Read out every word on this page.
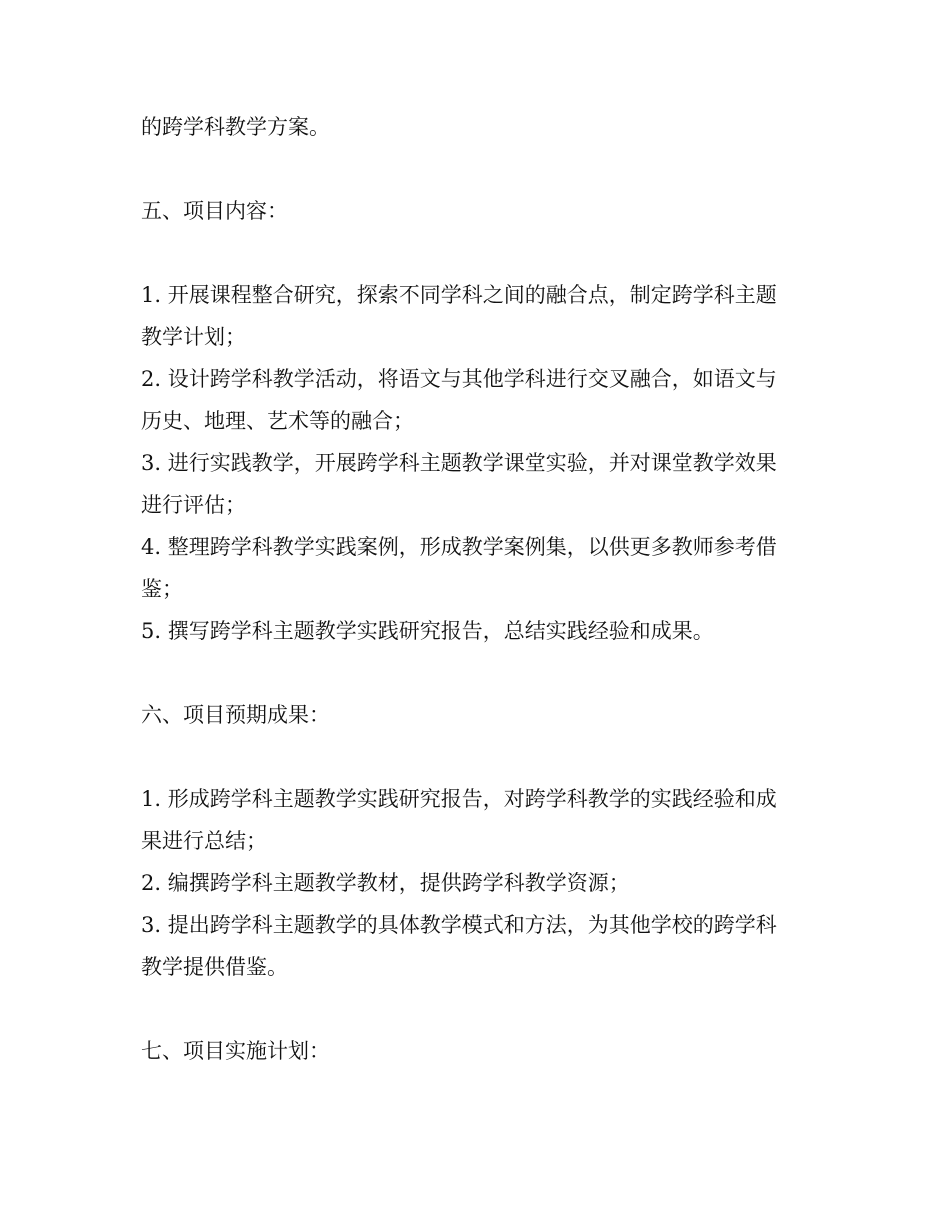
的跨学科教学方案。

五、项目内容：

1. 开展课程整合研究，探索不同学科之间的融合点，制定跨学科主题教学计划；

2. 设计跨学科教学活动，将语文与其他学科进行交叉融合，如语文与历史、地理、艺术等的融合；

3. 进行实践教学，开展跨学科主题教学课堂实验，并对课堂教学效果进行评估；

4. 整理跨学科教学实践案例，形成教学案例集，以供更多教师参考借鉴；

5. 撰写跨学科主题教学实践研究报告，总结实践经验和成果。

六、项目预期成果：

1. 形成跨学科主题教学实践研究报告，对跨学科教学的实践经验和成果进行总结；

2. 编撰跨学科主题教学教材，提供跨学科教学资源；

3. 提出跨学科主题教学的具体教学模式和方法，为其他学校的跨学科教学提供借鉴。

七、项目实施计划：
